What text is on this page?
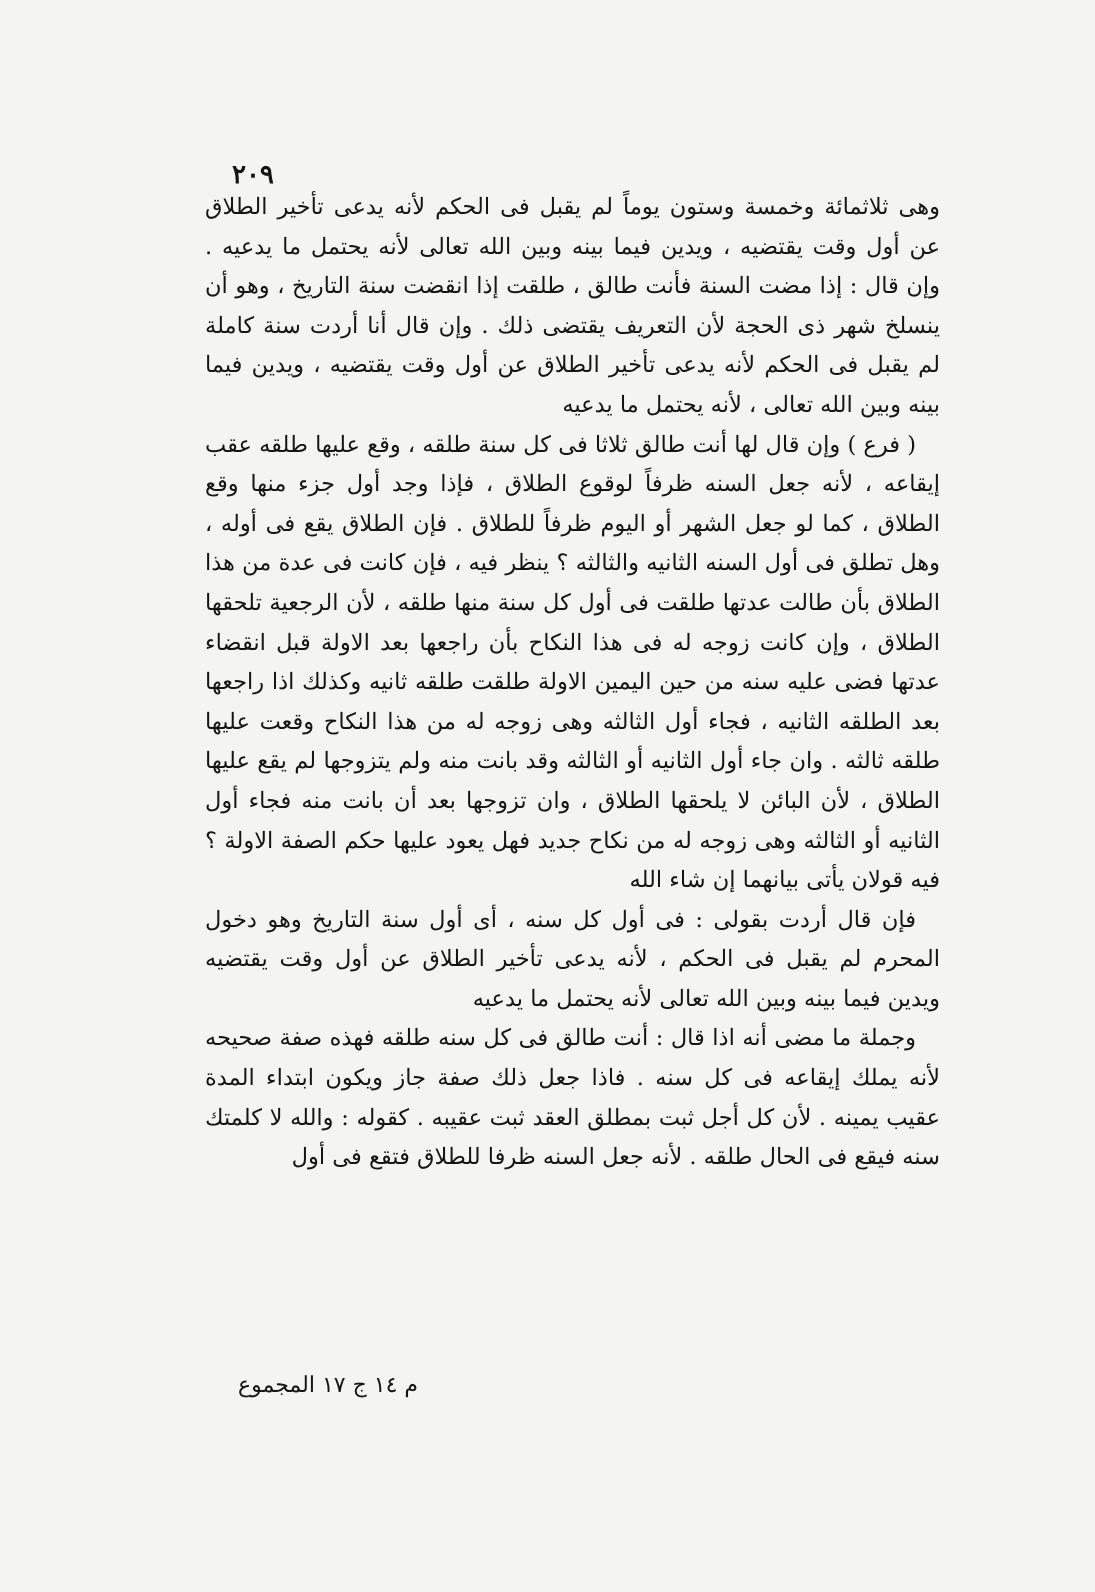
٢٠٩

وهى ثلاثمائة وخمسة وستون يوماً لم يقبل فى الحكم لأنه يدعى تأخير الطلاق عن أول وقت يقتضيه ، ويدين فيما بينه وبين الله تعالى لأنه يحتمل ما يدعيه . وإن قال : إذا مضت السنة فأنت طالق ، طلقت إذا انقضت سنة التاريخ ، وهو أن ينسلخ شهر ذى الحجة لأن التعريف يقتضى ذلك . وإن قال أنا أردت سنة كاملة لم يقبل فى الحكم لأنه يدعى تأخير الطلاق عن أول وقت يقتضيه ، ويدين فيما بينه وبين الله تعالى ، لأنه يحتمل ما يدعيه

( فرع ) وإن قال لها أنت طالق ثلاثا فى كل سنة طلقه ، وقع عليها طلقه عقب إيقاعه ، لأنه جعل السنه ظرفاً لوقوع الطلاق ، فإذا وجد أول جزء منها وقع الطلاق ، كما لو جعل الشهر أو اليوم ظرفاً للطلاق . فإن الطلاق يقع فى أوله ، وهل تطلق فى أول السنه الثانيه والثالثه ؟ ينظر فيه ، فإن كانت فى عدة من هذا الطلاق بأن طالت عدتها طلقت فى أول كل سنة منها طلقه ، لأن الرجعية تلحقها الطلاق ، وإن كانت زوجه له فى هذا النكاح بأن راجعها بعد الاولة قبل انقضاء عدتها فضى عليه سنه من حين اليمين الاولة طلقت طلقه ثانيه وكذلك اذا راجعها بعد الطلقه الثانيه ، فجاء أول الثالثه وهى زوجه له من هذا النكاح وقعت عليها طلقه ثالثه . وان جاء أول الثانيه أو الثالثه وقد بانت منه ولم يتزوجها لم يقع عليها الطلاق ، لأن البائن لا يلحقها الطلاق ، وان تزوجها بعد أن بانت منه فجاء أول الثانيه أو الثالثه وهى زوجه له من نكاح جديد فهل يعود عليها حكم الصفة الاولة ؟ فيه قولان يأتى بيانهما إن شاء الله

فإن قال أردت بقولى : فى أول كل سنه ، أى أول سنة التاريخ وهو دخول المحرم لم يقبل فى الحكم ، لأنه يدعى تأخير الطلاق عن أول وقت يقتضيه ويدين فيما بينه وبين الله تعالى لأنه يحتمل ما يدعيه

وجملة ما مضى أنه اذا قال : أنت طالق فى كل سنه طلقه فهذه صفة صحيحه لأنه يملك إيقاعه فى كل سنه . فاذا جعل ذلك صفة جاز ويكون ابتداء المدة عقيب يمينه . لأن كل أجل ثبت بمطلق العقد ثبت عقيبه . كقوله : والله لا كلمتك سنه فيقع فى الحال طلقه . لأنه جعل السنه ظرفا للطلاق فتقع فى أول

م ١٤ ج ١٧ المجموع
